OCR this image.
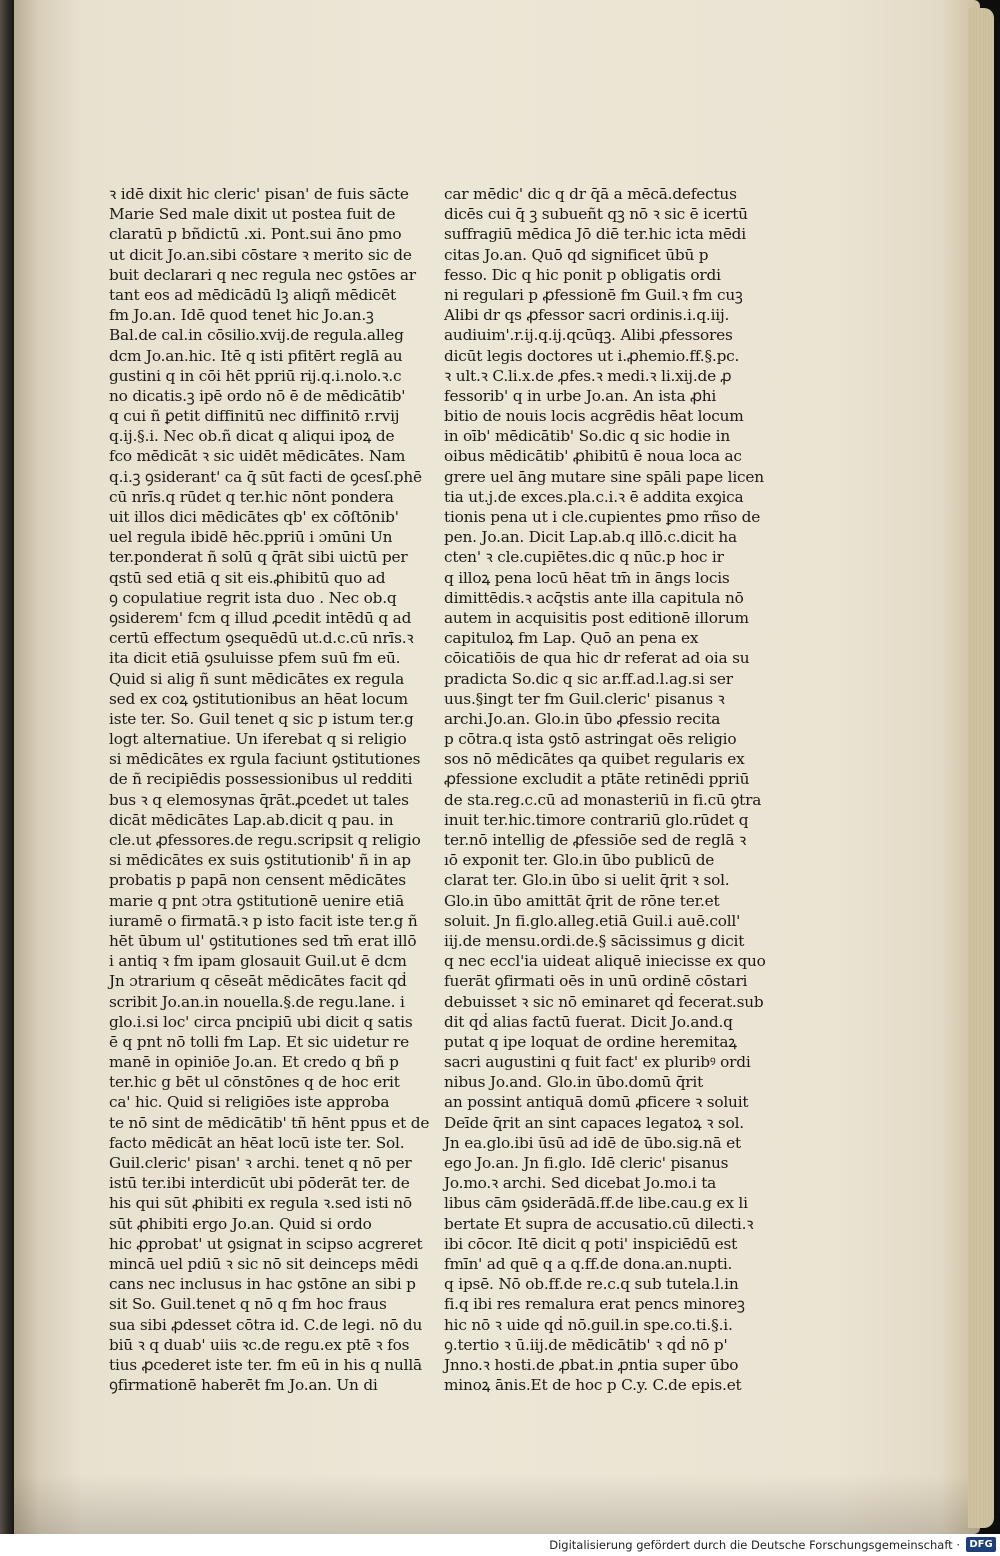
ꝛ idē dixit hic cleric' pisan' de fuis sācte
Marie Sed male dixit ut postea fuit de
claratū p bñdictū .xi. Pont.sui āno pmo
ut dicit Jo.an.sibi cōstare ꝛ merito sic de
buit declarari q nec regula nec ꝯstōes ar
tant eos ad mēdicādū lꝫ aliqñ mēdicēt
fm Jo.an. Idē quod tenet hic Jo.an.ꝫ
Bal.de cal.in cōsilio.xvij.de regula.alleg
dcm Jo.an.hic. Itē q isti pfitērt reglā au
gustini q in cōi hēt ppriū rij.q.i.nolo.ꝛ.c
no dicatis.ꝫ ipē ordo nō ē de mēdicātib'
q cui ñ ꝑetit diffinitū nec diffinitō r.rvij
q.ij.§.i. Nec ob.ñ dicat q aliqui ipoꝝ de
fco mēdicāt ꝛ sic uidēt mēdicātes. Nam
q.i.ꝫ ꝯsiderant' ca q̄ sūt facti de ꝯcesſ.phē
cū nrīs.q rūdet q ter.hic nōnt pondera
uit illos dici mēdicātes qb' ex cōſtōnib'
uel regula ibidē hēc.ppriū i ɔmūni Un
ter.ponderat ñ solū q q̄rāt sibi uictū per
qstū sed etiā q sit eis.ꝓhibitū quo ad
ꝯ copulatiue regrit ista duo . Nec ob.q
ꝯsiderem' fcm q illud ꝓcedit intēdū q ad
certū effectum ꝯsequēdū ut.d.c.cū nrīs.ꝛ
ita dicit etiā ꝯsuluisse pfem suū fm eū.
Quid si alig ñ sunt mēdicātes ex regula
sed ex coꝝ ꝯstitutionibus an hēat locum
iste ter. So. Guil tenet q sic p istum ter.g
logt alternatiue. Un iferebat q si religio
si mēdicātes ex rgula faciunt ꝯstitutiones
de ñ recipiēdis possessionibus ul redditi
bus ꝛ q elemosynas q̄rāt.ꝓcedet ut tales
dicāt mēdicātes Lap.ab.dicit q pau. in
cle.ut ꝓfessores.de regu.scripsit q religio
si mēdicātes ex suis ꝯstitutionib' ñ in ap
probatis p papā non censent mēdicātes
marie q pnt ɔtra ꝯstitutionē uenire etiā
iuramē o firmatā.ꝛ p isto facit iste ter.g ñ
hēt ūbum ul' ꝯstitutiones sed tm̄ erat illō
i antiq ꝛ fm ipam glosauit Guil.ut ē dcm
Jn ɔtrarium q cēseāt mēdicātes facit qḋ
scribit Jo.an.in nouella.§.de regu.lane. i
glo.i.si loc' circa pncipiū ubi dicit q satis
ē q pnt nō tolli fm Lap. Et sic uidetur re
manē in opiniōe Jo.an. Et credo q bñ p
ter.hic g bēt ul cōnstōnes q de hoc erit
ca' hic. Quid si religiōes iste approba
te nō sint de mēdicātib' tñ hēnt ppus et de
facto mēdicāt an hēat locū iste ter. Sol.
Guil.cleric' pisan' ꝛ archi. tenet q nō per
istū ter.ibi interdicūt ubi pōderāt ter. de
his qui sūt ꝓhibiti ex regula ꝛ.sed isti nō
sūt ꝓhibiti ergo Jo.an. Quid si ordo
hic ꝓprobat' ut ꝯsignat in scipso acgreret
mincā uel pdiū ꝛ sic nō sit deinceps mēdi
cans nec inclusus in hac ꝯstōne an sibi p
sit So. Guil.tenet q nō q fm hoc fraus
sua sibi ꝓdesset cōtra id. C.de legi. nō du
biū ꝛ q duab' uiis ꝛc.de regu.ex ptē ꝛ fos
tius ꝓcederet iste ter. fm eū in his q nullā
ꝯfirmationē haberēt fm Jo.an. Un di
car mēdic' dic q dr q̄ā a mēcā.defectus
dicēs cui q̄ ꝫ subueñt qꝫ nō ꝛ sic ē icertū
suffragiū mēdica Jō diē ter.hic icta mēdi
citas Jo.an. Quō qd significet ūbū p
fesso. Dic q hic ponit p obligatis ordi
ni regulari p ꝓfessionē fm Guil.ꝛ fm cuꝫ
Alibi dr qs ꝓfessor sacri ordinis.i.q.iij.
audiuim'.r.ij.q.ij.qcūqꝫ. Alibi ꝓfessores
dicūt legis doctores ut i.ꝓhemio.ff.§.pc.
ꝛ ult.ꝛ C.li.x.de ꝓfes.ꝛ medi.ꝛ li.xij.de ꝓ
fessorib' q in urbe Jo.an. An ista ꝓhi
bitio de nouis locis acgrēdis hēat locum
in oīb' mēdicātib' So.dic q sic hodie in
oibus mēdicātib' ꝓhibitū ē noua loca ac
grere uel āng mutare sine spāli pape licen
tia ut.j.de exces.pla.c.i.ꝛ ē addita exꝯica
tionis pena ut i cle.cupientes ꝑmo rñso de
pen. Jo.an. Dicit Lap.ab.q illō.c.dicit ha
cten' ꝛ cle.cupiētes.dic q nūc.p hoc ir
q illoꝝ pena locū hēat tm̄ in āngs locis
dimittēdis.ꝛ acq̄stis ante illa capitula nō
autem in acquisitis post editionē illorum
capituloꝝ fm Lap. Quō an pena ex
cōicatiōis de qua hic dr referat ad oia su
pradicta So.dic q sic ar.ff.ad.l.ag.si ser
uus.§ingt ter fm Guil.cleric' pisanus ꝛ
archi.Jo.an. Glo.in ūbo ꝓfessio recita
p cōtra.q ista ꝯstō astringat oēs religio
sos nō mēdicātes qa quibet regularis ex
ꝓfessione excludit a ptāte retinēdi ppriū
de sta.reg.c.cū ad monasteriū in fi.cū ꝯtra
inuit ter.hic.timore contrariū glo.rūdet q
ter.nō intellig de ꝓfessiōe sed de reglā ꝛ
ıō exponit ter. Glo.in ūbo publicū de
clarat ter. Glo.in ūbo si uelit q̄rit ꝛ sol.
Glo.in ūbo amittāt q̄rit de rōne ter.et
soluit. Jn fi.glo.alleg.etiā Guil.i auē.coll'
iij.de mensu.ordi.de.§ sācissimus g dicit
q nec eccl'ia uideat aliquē iniecisse ex quo
fuerāt ꝯfirmati oēs in unū ordinē cōstari
debuisset ꝛ sic nō eminaret qḋ fecerat.sub
dit qḋ alias factū fuerat. Dicit Jo.and.q
putat q ipe loquat de ordine heremitaꝝ
sacri augustini q fuit fact' ex pluribꝰ ordi
nibus Jo.and. Glo.in ūbo.domū q̄rit
an possint antiquā domū ꝓficere ꝛ soluit
Deīde q̄rit an sint capaces legatoꝝ ꝛ sol.
Jn ea.glo.ibi ūsū ad idē de ūbo.sig.nā et
ego Jo.an. Jn fi.glo. Idē cleric' pisanus
Jo.mo.ꝛ archi. Sed dicebat Jo.mo.i ta
libus cām ꝯsiderādā.ff.de libe.cau.g ex li
bertate Et supra de accusatio.cū dilecti.ꝛ
ibi cōcor. Itē dicit q poti' inspiciēdū est
fmīn' ad quē q a q.ff.de dona.an.nupti.
q ipsē. Nō ob.ff.de re.c.q sub tutela.l.in
fi.q ibi res remalura erat pencs minoreꝫ
hic nō ꝛ uide qḋ nō.guil.in spe.co.ti.§.i.
ꝯ.tertio ꝛ ū.iij.de mēdicātib' ꝛ qḋ nō p'
Jnno.ꝛ hosti.de ꝓbat.in ꝓntia super ūbo
minoꝝ ānis.Et de hoc p C.y. C.de epis.et
Digitalisierung gefördert durch die Deutsche Forschungsgemeinschaft · DFG
